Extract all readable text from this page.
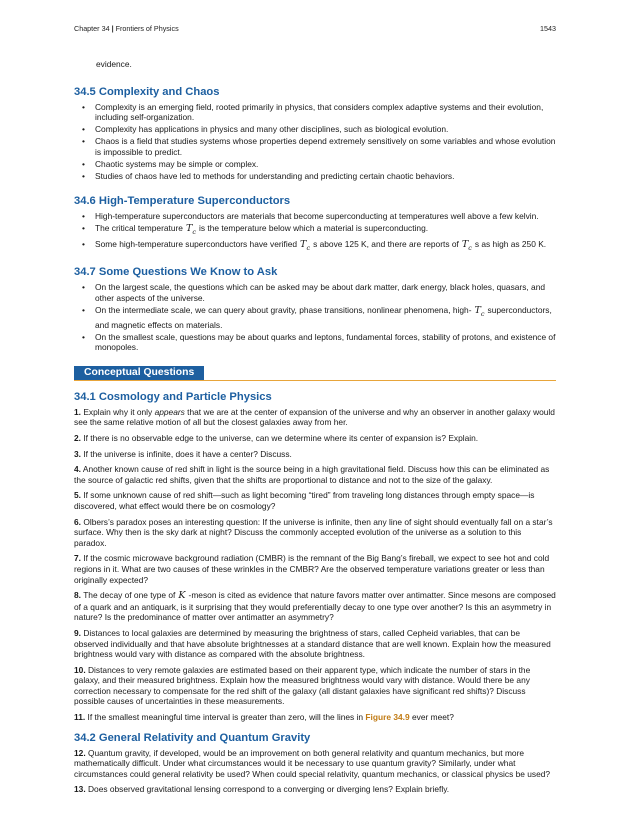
Chapter 34 | Frontiers of Physics	1543

evidence.

34.5 Complexity and Chaos
• Complexity is an emerging field, rooted primarily in physics, that considers complex adaptive systems and their evolution, including self-organization.
• Complexity has applications in physics and many other disciplines, such as biological evolution.
• Chaos is a field that studies systems whose properties depend extremely sensitively on some variables and whose evolution is impossible to predict.
• Chaotic systems may be simple or complex.
• Studies of chaos have led to methods for understanding and predicting certain chaotic behaviors.
34.6 High-Temperature Superconductors
• High-temperature superconductors are materials that become superconducting at temperatures well above a few kelvin.
• The critical temperature $T_c$ is the temperature below which a material is superconducting.
• Some high-temperature superconductors have verified $T_c$ s above 125 K, and there are reports of $T_c$ s as high as 250 K.
34.7 Some Questions We Know to Ask
• On the largest scale, the questions which can be asked may be about dark matter, dark energy, black holes, quasars, and other aspects of the universe.
• On the intermediate scale, we can query about gravity, phase transitions, nonlinear phenomena, high- $T_c$ superconductors, and magnetic effects on materials.
• On the smallest scale, questions may be about quarks and leptons, fundamental forces, stability of protons, and existence of monopoles.
Conceptual Questions
34.1 Cosmology and Particle Physics

1. Explain why it only appears that we are at the center of expansion of the universe and why an observer in another galaxy would see the same relative motion of all but the closest galaxies away from her.

2. If there is no observable edge to the universe, can we determine where its center of expansion is? Explain.

3. If the universe is infinite, does it have a center? Discuss.

4. Another known cause of red shift in light is the source being in a high gravitational field. Discuss how this can be eliminated as the source of galactic red shifts, given that the shifts are proportional to distance and not to the size of the galaxy.

5. If some unknown cause of red shift—such as light becoming “tired” from traveling long distances through empty space—is discovered, what effect would there be on cosmology?

6. Olbers’s paradox poses an interesting question: If the universe is infinite, then any line of sight should eventually fall on a star’s surface. Why then is the sky dark at night? Discuss the commonly accepted evolution of the universe as a solution to this paradox.

7. If the cosmic microwave background radiation (CMBR) is the remnant of the Big Bang’s fireball, we expect to see hot and cold regions in it. What are two causes of these wrinkles in the CMBR? Are the observed temperature variations greater or less than originally expected?

8. The decay of one type of K -meson is cited as evidence that nature favors matter over antimatter. Since mesons are composed of a quark and an antiquark, is it surprising that they would preferentially decay to one type over another? Is this an asymmetry in nature? Is the predominance of matter over antimatter an asymmetry?

9. Distances to local galaxies are determined by measuring the brightness of stars, called Cepheid variables, that can be observed individually and that have absolute brightnesses at a standard distance that are well known. Explain how the measured brightness would vary with distance as compared with the absolute brightness.

10. Distances to very remote galaxies are estimated based on their apparent type, which indicate the number of stars in the galaxy, and their measured brightness. Explain how the measured brightness would vary with distance. Would there be any correction necessary to compensate for the red shift of the galaxy (all distant galaxies have significant red shifts)? Discuss possible causes of uncertainties in these measurements.

11. If the smallest meaningful time interval is greater than zero, will the lines in Figure 34.9 ever meet?

34.2 General Relativity and Quantum Gravity

12. Quantum gravity, if developed, would be an improvement on both general relativity and quantum mechanics, but more mathematically difficult. Under what circumstances would it be necessary to use quantum gravity? Similarly, under what circumstances could general relativity be used? When could special relativity, quantum mechanics, or classical physics be used?

13. Does observed gravitational lensing correspond to a converging or diverging lens? Explain briefly.
